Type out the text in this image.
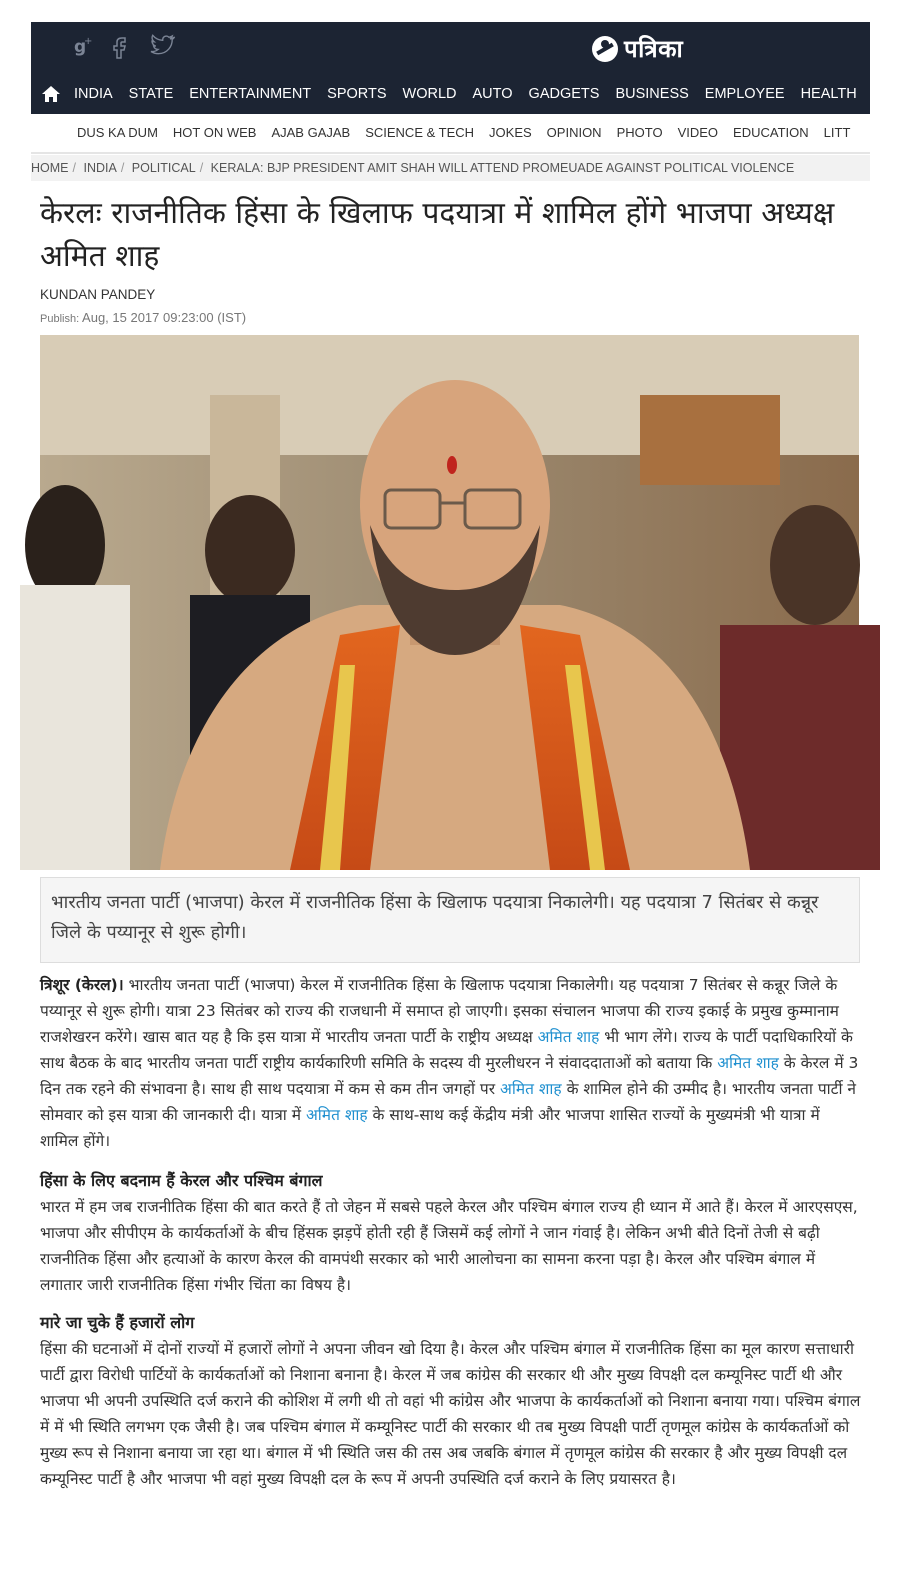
g
+	पत्रिका
INDIA STATE ENTERTAINMENT SPORTS WORLD AUTO GADGETS BUSINESS EMPLOYEE HEALTH AS
DUS KA DUM HOT ON WEB AJAB GAJAB SCIENCE & TECH JOKES OPINION PHOTO VIDEO EDUCATION LITT
HOME / INDIA / POLITICAL / KERALA: BJP PRESIDENT AMIT SHAH WILL ATTEND PROMEUADE AGAINST POLITICAL VIOLENCE
केरलः राजनीतिक हिंसा के खिलाफ पदयात्रा में शामिल होंगे भाजपा अध्यक्ष अमित शाह
KUNDAN PANDEY
Publish: Aug, 15 2017 09:23:00 (IST)
भारतीय जनता पार्टी (भाजपा) केरल में राजनीतिक हिंसा के खिलाफ पदयात्रा निकालेगी। यह पदयात्रा 7 सितंबर से कन्नूर जिले के पय्यानूर से शुरू होगी।

त्रिशूर (केरल)। भारतीय जनता पार्टी (भाजपा) केरल में राजनीतिक हिंसा के खिलाफ पदयात्रा निकालेगी। यह पदयात्रा 7 सितंबर से कन्नूर जिले के पय्यानूर से शुरू होगी। यात्रा 23 सितंबर को राज्य की राजधानी में समाप्त हो जाएगी। इसका संचालन भाजपा की राज्य इकाई के प्रमुख कुम्मानाम राजशेखरन करेंगे। खास बात यह है कि इस यात्रा में भारतीय जनता पार्टी के राष्ट्रीय अध्यक्ष अमित शाह भी भाग लेंगे। राज्य के पार्टी पदाधिकारियों के साथ बैठक के बाद भारतीय जनता पार्टी राष्ट्रीय कार्यकारिणी समिति के सदस्य वी मुरलीधरन ने संवाददाताओं को बताया कि अमित शाह के केरल में 3 दिन तक रहने की संभावना है। साथ ही साथ पदयात्रा में कम से कम तीन जगहों पर अमित शाह के शामिल होने की उम्मीद है। भारतीय जनता पार्टी ने सोमवार को इस यात्रा की जानकारी दी। यात्रा में अमित शाह के साथ-साथ कई केंद्रीय मंत्री और भाजपा शासित राज्यों के मुख्यमंत्री भी यात्रा में शामिल होंगे।

हिंसा के लिए बदनाम हैं केरल और पश्चिम बंगाल

भारत में हम जब राजनीतिक हिंसा की बात करते हैं तो जेहन में सबसे पहले केरल और पश्चिम बंगाल राज्य ही ध्यान में आते हैं। केरल में आरएसएस, भाजपा और सीपीएम के कार्यकर्ताओं के बीच हिंसक झड़पें होती रही हैं जिसमें कई लोगों ने जान गंवाई है। लेकिन अभी बीते दिनों तेजी से बढ़ी राजनीतिक हिंसा और हत्याओं के कारण केरल की वामपंथी सरकार को भारी आलोचना का सामना करना पड़ा है। केरल और पश्चिम बंगाल में लगातार जारी राजनीतिक हिंसा गंभीर चिंता का विषय है।

मारे जा चुके हैं हजारों लोग

हिंसा की घटनाओं में दोनों राज्यों में हजारों लोगों ने अपना जीवन खो दिया है। केरल और पश्चिम बंगाल में राजनीतिक हिंसा का मूल कारण सत्ताधारी पार्टी द्वारा विरोधी पार्टियों के कार्यकर्ताओं को निशाना बनाना है। केरल में जब कांग्रेस की सरकार थी और मुख्य विपक्षी दल कम्यूनिस्ट पार्टी थी और भाजपा भी अपनी उपस्थिति दर्ज कराने की कोशिश में लगी थी तो वहां भी कांग्रेस और भाजपा के कार्यकर्ताओं को निशाना बनाया गया। पश्चिम बंगाल में में भी स्थिति लगभग एक जैसी है। जब पश्चिम बंगाल में कम्यूनिस्ट पार्टी की सरकार थी तब मुख्य विपक्षी पार्टी तृणमूल कांग्रेस के कार्यकर्ताओं को मुख्य रूप से निशाना बनाया जा रहा था। बंगाल में भी स्थिति जस की तस अब जबकि बंगाल में तृणमूल कांग्रेस की सरकार है और मुख्य विपक्षी दल कम्यूनिस्ट पार्टी है और भाजपा भी वहां मुख्य विपक्षी दल के रूप में अपनी उपस्थिति दर्ज कराने के लिए प्रयासरत है।
